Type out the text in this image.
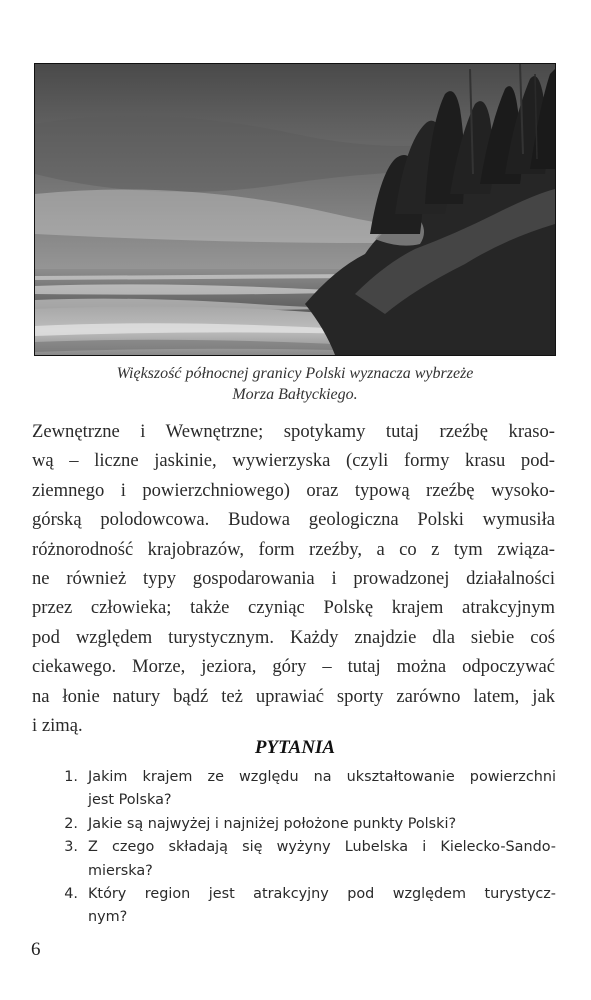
Większość północnej granicy Polski wyznacza wybrzeże
Morza Bałtyckiego.
Zewnętrzne i Wewnętrzne; spotykamy tutaj rzeźbę kraso-
wą – liczne jaskinie, wywierzyska (czyli formy krasu pod-
ziemnego i powierzchniowego) oraz typową rzeźbę wysoko-
górską polodowcowa. Budowa geologiczna Polski wymusiła
różnorodność krajobrazów, form rzeźby, a co z tym związa-
ne również typy gospodarowania i prowadzonej działalności
przez człowieka; także czyniąc Polskę krajem atrakcyjnym
pod względem turystycznym. Każdy znajdzie dla siebie coś
ciekawego. Morze, jeziora, góry – tutaj można odpoczywać
na łonie natury bądź też uprawiać sporty zarówno latem, jak
i zimą.
PYTANIA
1. Jakim krajem ze względu na ukształtowanie powierzchni
jest Polska?
2. Jakie są najwyżej i najniżej położone punkty Polski?
3. Z czego składają się wyżyny Lubelska i Kielecko-Sando-
mierska?
4. Który region jest atrakcyjny pod względem turystycz-
nym?
6
